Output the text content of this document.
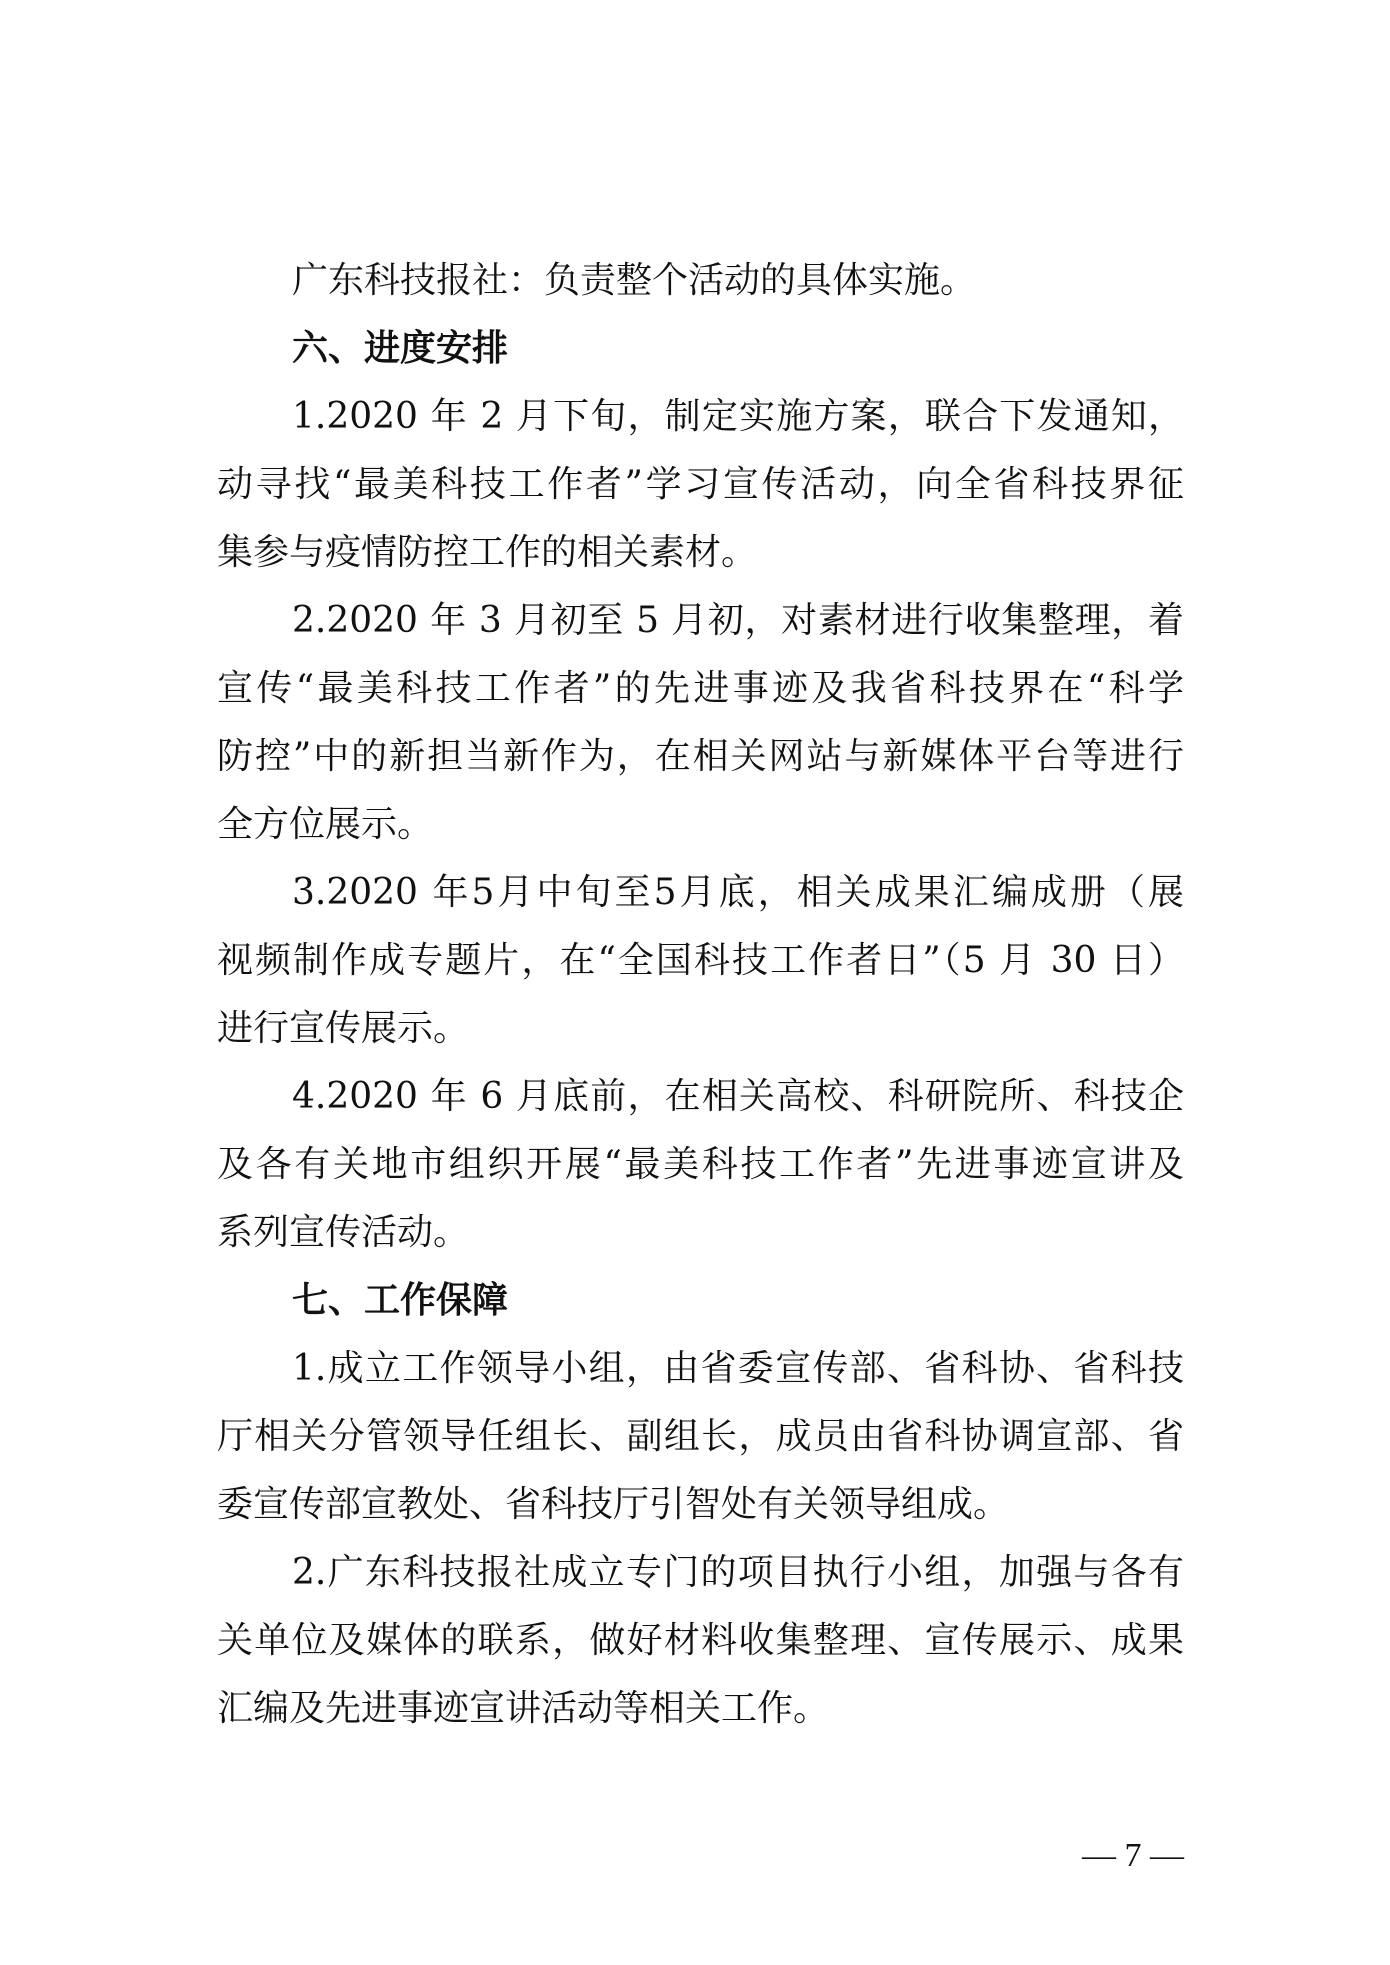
广东科技报社：负责整个活动的具体实施。
六、进度安排
1.2020 年 2 月下旬，制定实施方案，联合下发通知，
动寻找“最美科技工作者”学习宣传活动，向全省科技界征
集参与疫情防控工作的相关素材。
2.2020 年 3 月初至 5 月初，对素材进行收集整理，着
宣传“最美科技工作者”的先进事迹及我省科技界在“科学
防控”中的新担当新作为，在相关网站与新媒体平台等进行
全方位展示。
3.2020 年5月中旬至5月底，相关成果汇编成册（展
视频制作成专题片，在“全国科技工作者日”（5 月 30 日）
进行宣传展示。
4.2020 年 6 月底前，在相关高校、科研院所、科技企
及各有关地市组织开展“最美科技工作者”先进事迹宣讲及
系列宣传活动。
七、工作保障
1.成立工作领导小组，由省委宣传部、省科协、省科技
厅相关分管领导任组长、副组长，成员由省科协调宣部、省
委宣传部宣教处、省科技厅引智处有关领导组成。
2.广东科技报社成立专门的项目执行小组，加强与各有
关单位及媒体的联系，做好材料收集整理、宣传展示、成果
汇编及先进事迹宣讲活动等相关工作。
— 7 —
